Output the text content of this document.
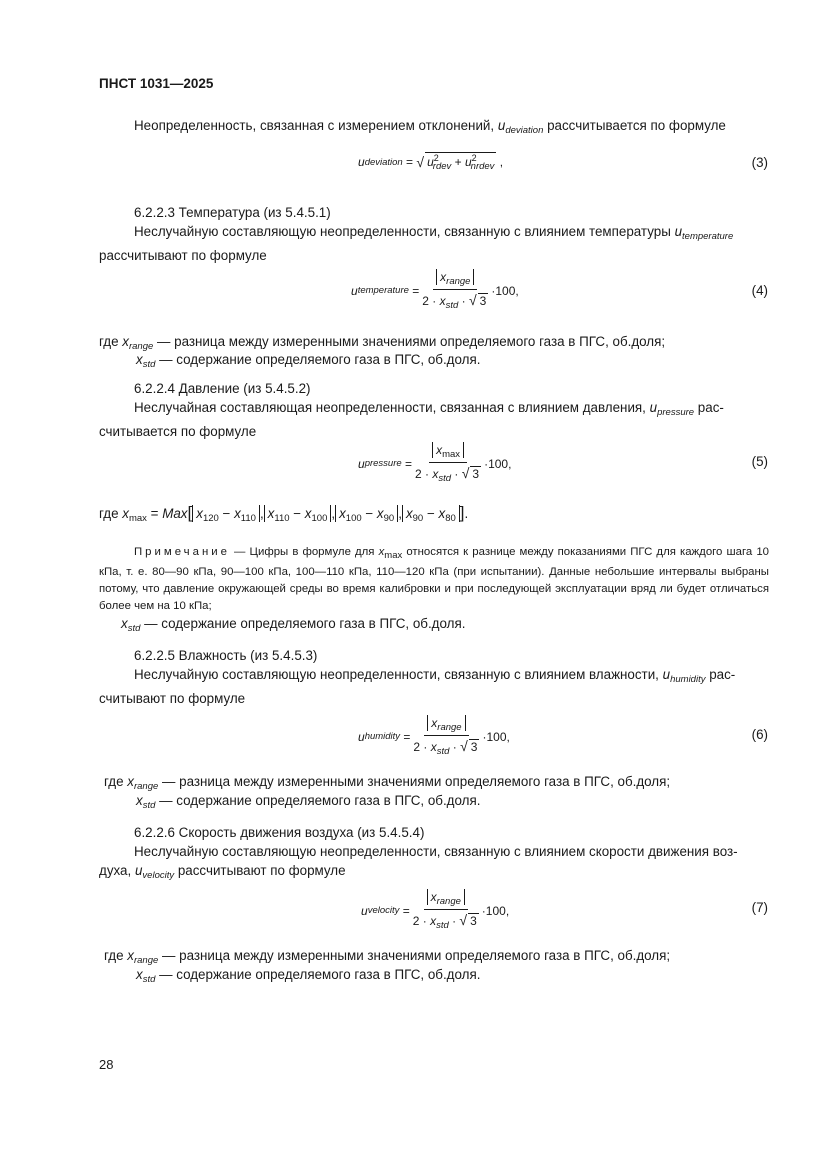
ПНСТ 1031—2025
Неопределенность, связанная с измерением отклонений, $u_{deviation}$ рассчитывается по формуле
u deviation = √ $u^2_{rdev} + u^2_{nrdev}$ ,	(3)
6.2.2.3 Температура (из 5.4.5.1)
Неслучайную составляющую неопределенности, связанную с влиянием температуры $u_{temperature}$
рассчитывают по формуле
u temperature = $\frac{x_{range}}{2 \cdot x_{std} \cdot √ 3} \cdot 100$,	(4)
где $x_{range}$ — разница между измеренными значениями определяемого газа в ПГС, об.доля;
$x_{std}$ — содержание определяемого газа в ПГС, об.доля.
6.2.2.4 Давление (из 5.4.5.2)
Неслучайная составляющая неопределенности, связанная с влиянием давления, $u_{pressure}$ рас-
считывается по формуле
u pressure = $\frac{x_{max}}{2 \cdot x_{std} \cdot √ 3} \cdot 100$,	(5)
где $x_{max} = Max$[ $x_{120} - x_{110}$ , $x_{110} - x_{100}$ , $x_{100} - x_{90}$ , $x_{90} - x_{80}$ ].
Примечание — Цифры в формуле для $x_{max}$ относятся к разнице между показаниями ПГС для каждого шага 10 кПа, т. е. 80—90 кПа, 90—100 кПа, 100—110 кПа, 110—120 кПа (при испытании). Данные небольшие интервалы выбраны потому, что давление окружающей среды во время калибровки и при последующей эксплуатации вряд ли будет отличаться более чем на 10 кПа;
$x_{std}$ — содержание определяемого газа в ПГС, об.доля.
6.2.2.5 Влажность (из 5.4.5.3)
Неслучайную составляющую неопределенности, связанную с влиянием влажности, $u_{humidity}$ рас-
считывают по формуле
u humidity = $\frac{x_{range}}{2 \cdot x_{std} \cdot √ 3} \cdot 100$,	(6)
где $x_{range}$ — разница между измеренными значениями определяемого газа в ПГС, об.доля;
$x_{std}$ — содержание определяемого газа в ПГС, об.доля.
6.2.2.6 Скорость движения воздуха (из 5.4.5.4)
Неслучайную составляющую неопределенности, связанную с влиянием скорости движения воз-
духа, $u_{velocity}$ рассчитывают по формуле
u velocity = $\frac{x_{range}}{2 \cdot x_{std} \cdot √ 3} \cdot 100$,	(7)
где $x_{range}$ — разница между измеренными значениями определяемого газа в ПГС, об.доля;
$x_{std}$ — содержание определяемого газа в ПГС, об.доля.
28
